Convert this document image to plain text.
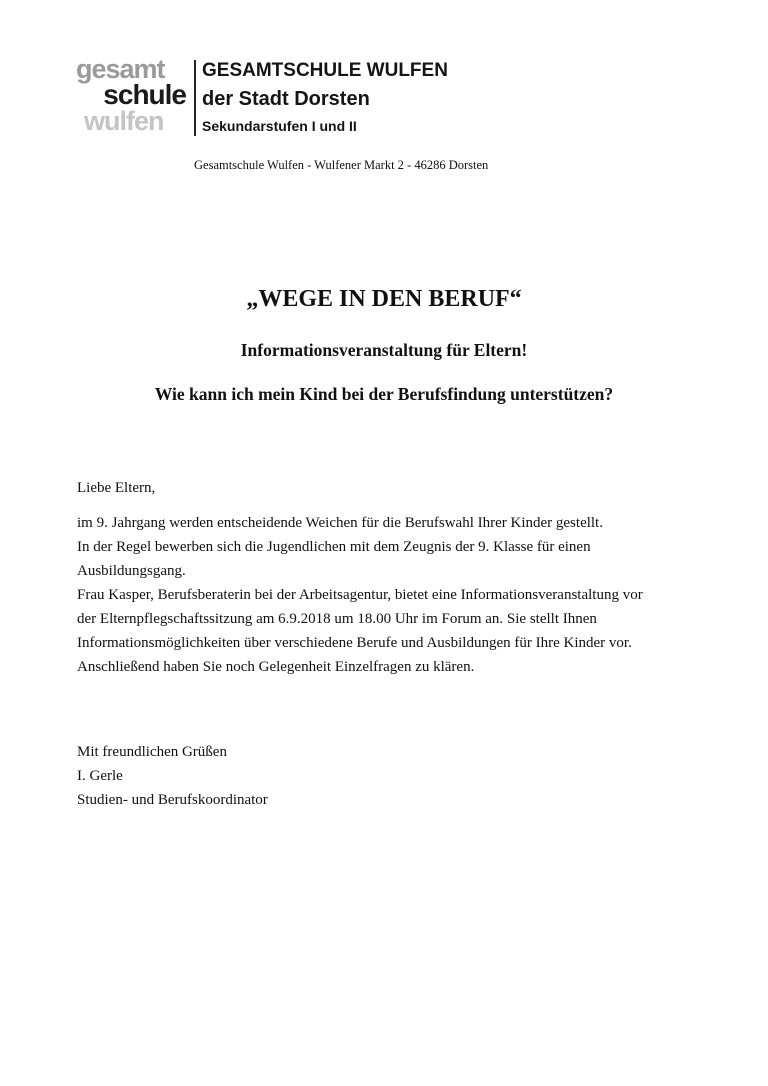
gesamt
schule
wulfen
GESAMTSCHULE WULFEN
der Stadt Dorsten
Sekundarstufen I und II
Gesamtschule Wulfen - Wulfener Markt 2 - 46286 Dorsten
„WEGE IN DEN BERUF“
Informationsveranstaltung für Eltern!
Wie kann ich mein Kind bei der Berufsfindung unterstützen?
Liebe Eltern,
im 9. Jahrgang werden entscheidende Weichen für die Berufswahl Ihrer Kinder gestellt.
In der Regel bewerben sich die Jugendlichen mit dem Zeugnis der 9. Klasse für einen
Ausbildungsgang.
Frau Kasper, Berufsberaterin bei der Arbeitsagentur, bietet eine Informationsveranstaltung vor
der Elternpflegschaftssitzung am 6.9.2018 um 18.00 Uhr im Forum an. Sie stellt Ihnen
Informationsmöglichkeiten über verschiedene Berufe und Ausbildungen für Ihre Kinder vor.
Anschließend haben Sie noch Gelegenheit Einzelfragen zu klären.
Mit freundlichen Grüßen
I. Gerle
Studien- und Berufskoordinator
